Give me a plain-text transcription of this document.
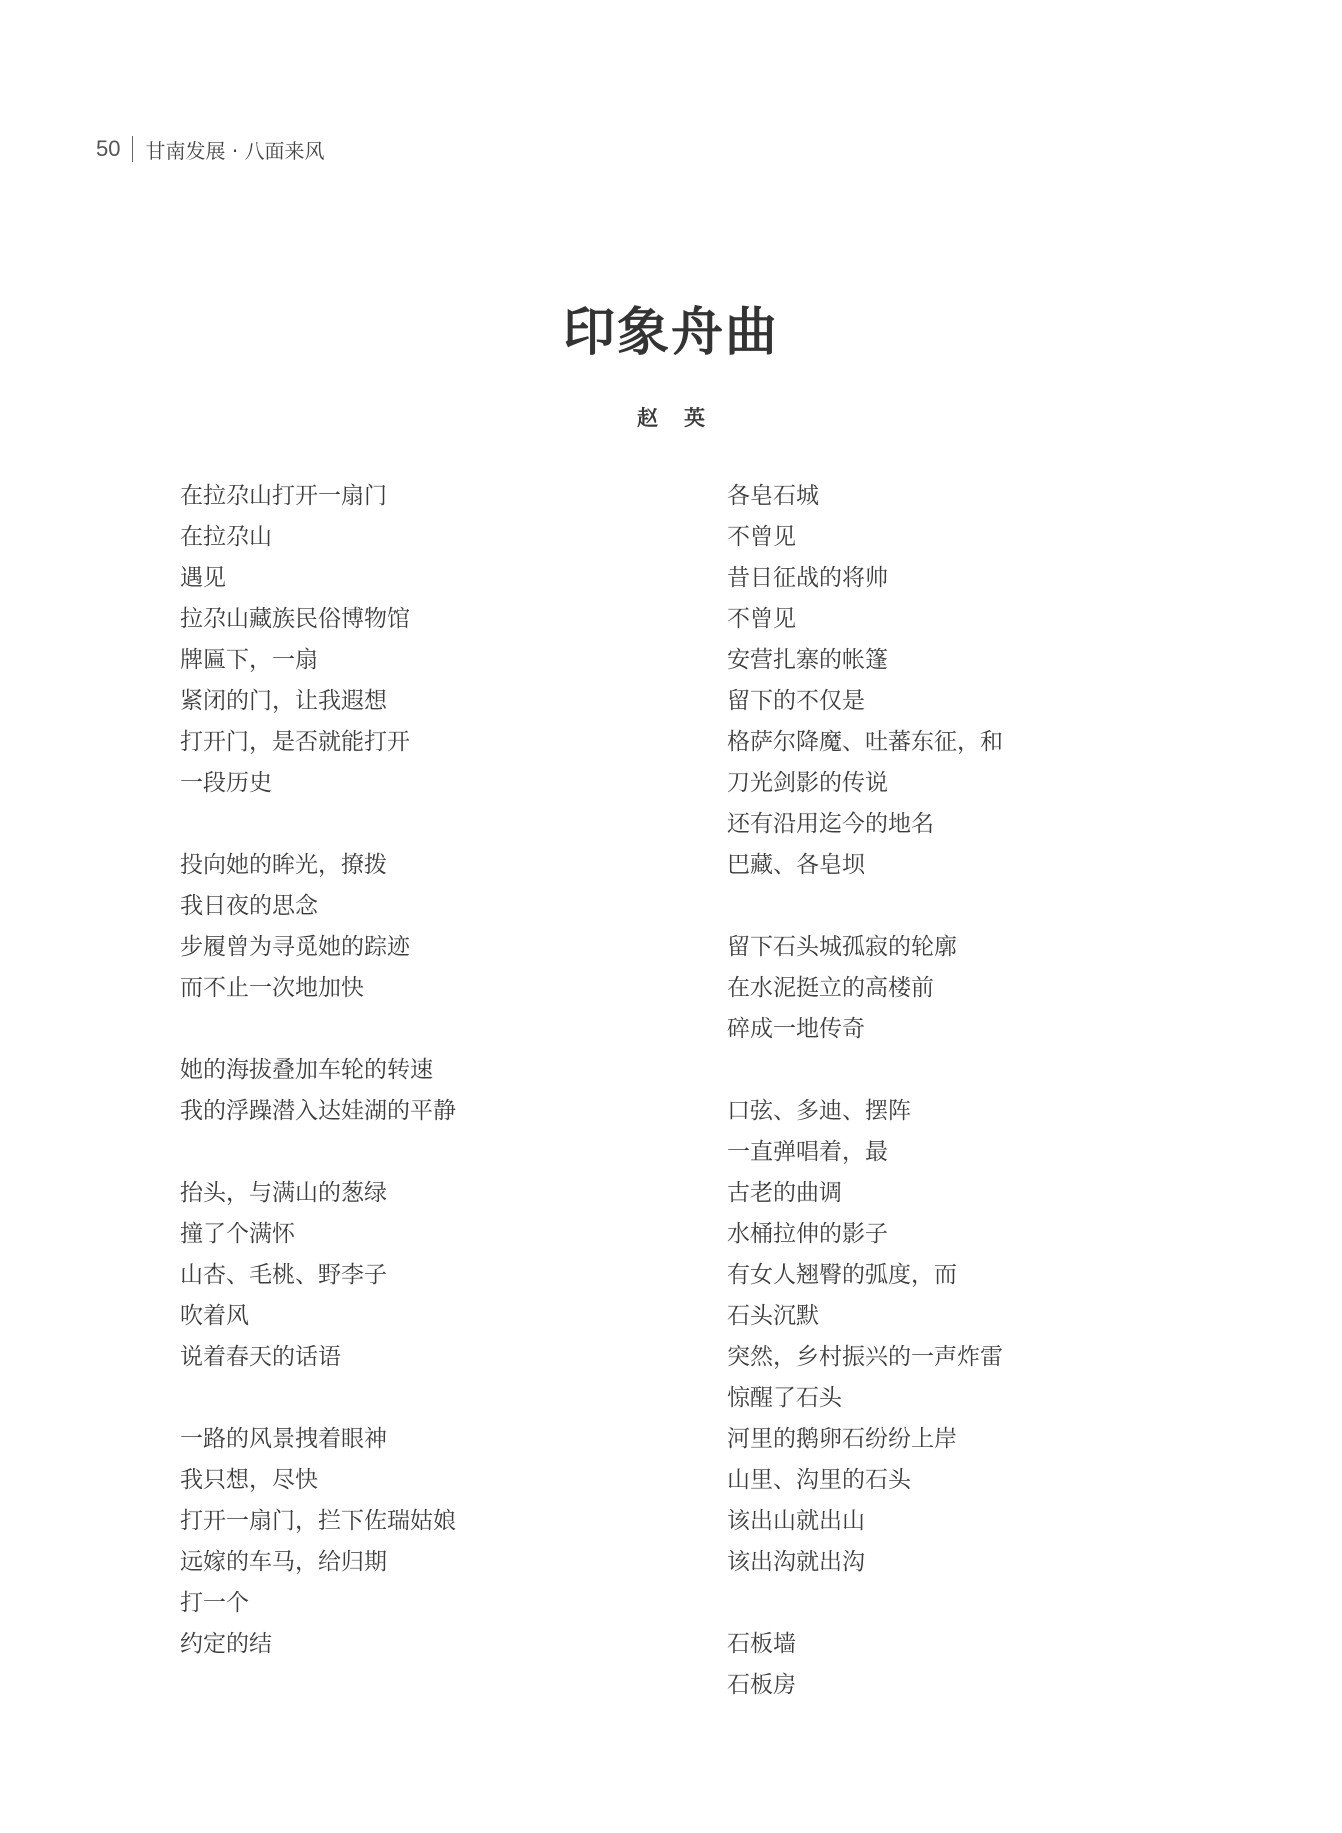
50 甘南发展 · 八面来风
印象舟曲
赵英
在拉尕山打开一扇门
在拉尕山
遇见
拉尕山藏族民俗博物馆
牌匾下，一扇
紧闭的门，让我遐想
打开门，是否就能打开
一段历史
投向她的眸光，撩拨
我日夜的思念
步履曾为寻觅她的踪迹
而不止一次地加快
她的海拔叠加车轮的转速
我的浮躁潜入达娃湖的平静
抬头，与满山的葱绿
撞了个满怀
山杏、毛桃、野李子
吹着风
说着春天的话语
一路的风景拽着眼神
我只想，尽快
打开一扇门，拦下佐瑞姑娘
远嫁的车马，给归期
打一个
约定的结
各皂石城
不曾见
昔日征战的将帅
不曾见
安营扎寨的帐篷
留下的不仅是
格萨尔降魔、吐蕃东征，和
刀光剑影的传说
还有沿用迄今的地名
巴藏、各皂坝
留下石头城孤寂的轮廓
在水泥挺立的高楼前
碎成一地传奇
口弦、多迪、摆阵
一直弹唱着，最
古老的曲调
水桶拉伸的影子
有女人翘臀的弧度，而
石头沉默
突然，乡村振兴的一声炸雷
惊醒了石头
河里的鹅卵石纷纷上岸
山里、沟里的石头
该出山就出山
该出沟就出沟
石板墙
石板房
